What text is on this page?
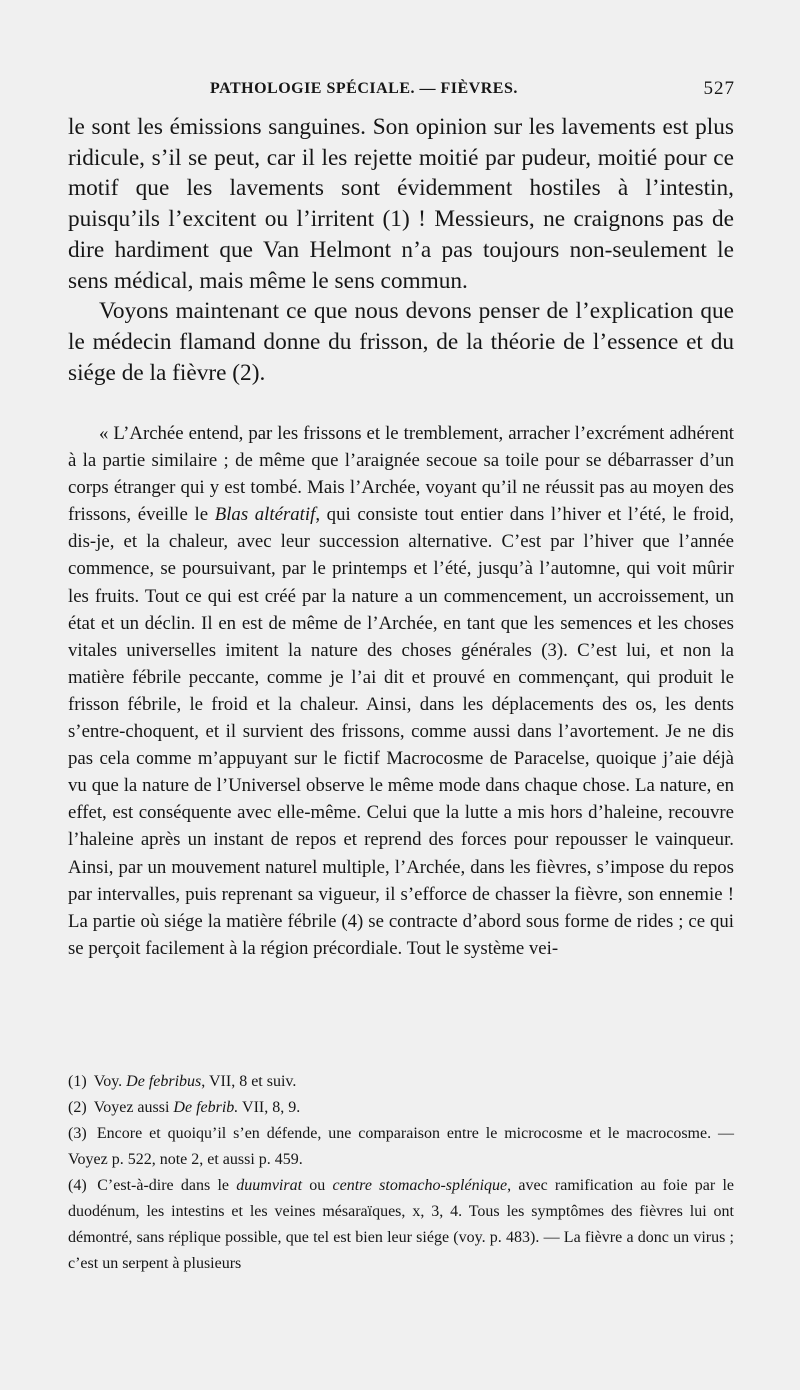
PATHOLOGIE SPÉCIALE. — FIÈVRES.	527

le sont les émissions sanguines. Son opinion sur les lavements est plus ridicule, s’il se peut, car il les rejette moitié par pudeur, moitié pour ce motif que les lavements sont évidemment hostiles à l’intestin, puisqu’ils l’excitent ou l’irritent (1) ! Messieurs, ne craignons pas de dire hardiment que Van Helmont n’a pas toujours non-seulement le sens médical, mais même le sens commun.

Voyons maintenant ce que nous devons penser de l’explication que le médecin flamand donne du frisson, de la théorie de l’essence et du siége de la fièvre (2).

« L’Archée entend, par les frissons et le tremblement, arracher l’excrément adhérent à la partie similaire ; de même que l’araignée secoue sa toile pour se débarrasser d’un corps étranger qui y est tombé. Mais l’Archée, voyant qu’il ne réussit pas au moyen des frissons, éveille le Blas altératif, qui consiste tout entier dans l’hiver et l’été, le froid, dis-je, et la chaleur, avec leur succession alternative. C’est par l’hiver que l’année commence, se poursuivant, par le printemps et l’été, jusqu’à l’automne, qui voit mûrir les fruits. Tout ce qui est créé par la nature a un commencement, un accroissement, un état et un déclin. Il en est de même de l’Archée, en tant que les semences et les choses vitales universelles imitent la nature des choses générales (3). C’est lui, et non la matière fébrile peccante, comme je l’ai dit et prouvé en commençant, qui produit le frisson fébrile, le froid et la chaleur. Ainsi, dans les déplacements des os, les dents s’entre-choquent, et il survient des frissons, comme aussi dans l’avortement. Je ne dis pas cela comme m’appuyant sur le fictif Macrocosme de Paracelse, quoique j’aie déjà vu que la nature de l’Universel observe le même mode dans chaque chose. La nature, en effet, est conséquente avec elle-même. Celui que la lutte a mis hors d’haleine, recouvre l’haleine après un instant de repos et reprend des forces pour repousser le vainqueur. Ainsi, par un mouvement naturel multiple, l’Archée, dans les fièvres, s’impose du repos par intervalles, puis reprenant sa vigueur, il s’efforce de chasser la fièvre, son ennemie ! La partie où siége la matière fébrile (4) se contracte d’abord sous forme de rides ; ce qui se perçoit facilement à la région précordiale. Tout le système vei-

(1) Voy. De febribus, VII, 8 et suiv.

(2) Voyez aussi De febrib. VII, 8, 9.

(3) Encore et quoiqu’il s’en défende, une comparaison entre le microcosme et le macrocosme. — Voyez p. 522, note 2, et aussi p. 459.

(4) C’est-à-dire dans le duumvirat ou centre stomacho-splénique, avec ramification au foie par le duodénum, les intestins et les veines mésaraïques, x, 3, 4. Tous les symptômes des fièvres lui ont démontré, sans réplique possible, que tel est bien leur siége (voy. p. 483). — La fièvre a donc un virus ; c’est un serpent à plusieurs
